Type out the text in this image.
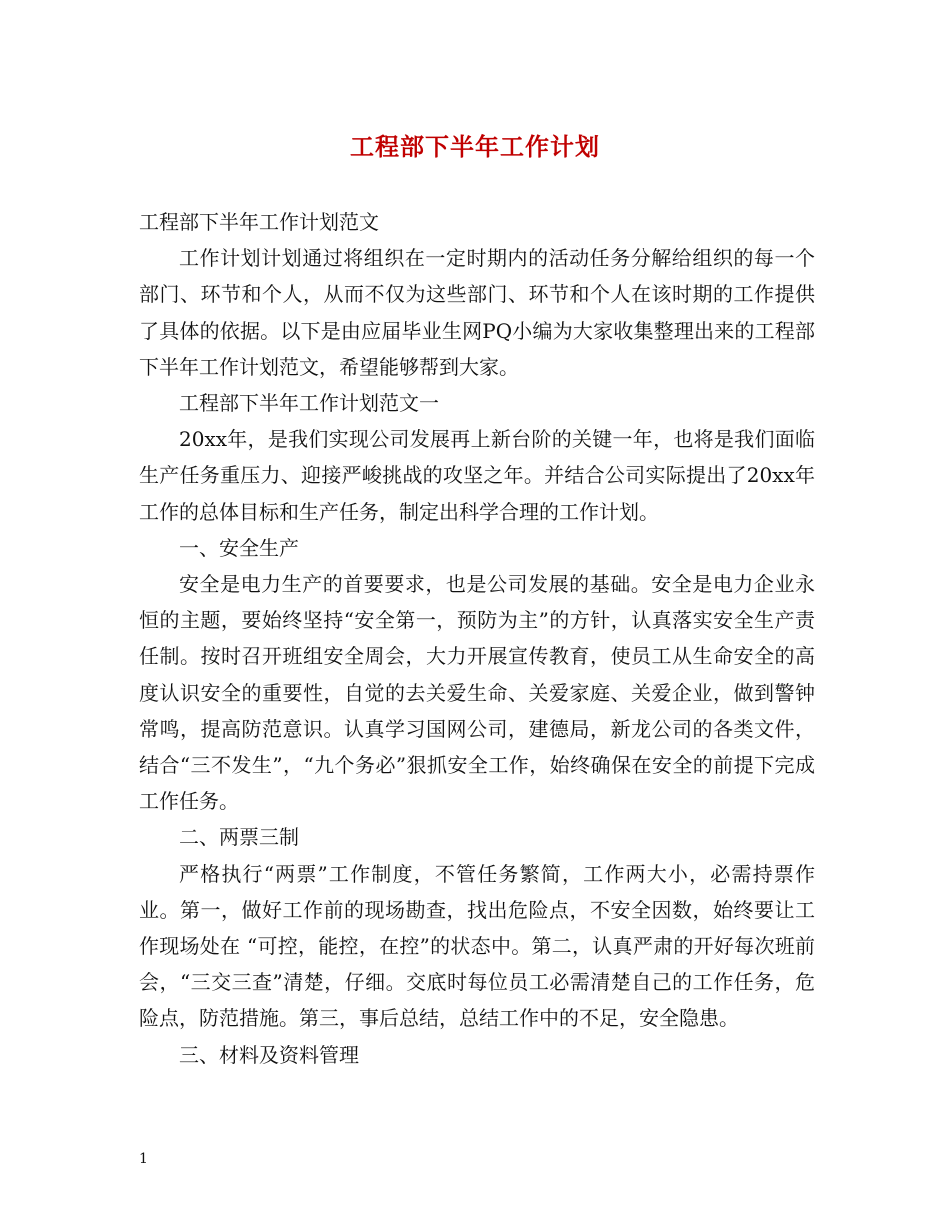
工程部下半年工作计划

工程部下半年工作计划范文

工作计划计划通过将组织在一定时期内的活动任务分解给组织的每一个部门、环节和个人，从而不仅为这些部门、环节和个人在该时期的工作提供了具体的依据。以下是由应届毕业生网PQ小编为大家收集整理出来的工程部下半年工作计划范文，希望能够帮到大家。

工程部下半年工作计划范文一

20xx年，是我们实现公司发展再上新台阶的关键一年，也将是我们面临生产任务重压力、迎接严峻挑战的攻坚之年。并结合公司实际提出了20xx年工作的总体目标和生产任务，制定出科学合理的工作计划。

一、安全生产

安全是电力生产的首要要求，也是公司发展的基础。安全是电力企业永恒的主题，要始终坚持“安全第一，预防为主”的方针，认真落实安全生产责任制。按时召开班组安全周会，大力开展宣传教育，使员工从生命安全的高度认识安全的重要性，自觉的去关爱生命、关爱家庭、关爱企业，做到警钟常鸣，提高防范意识。认真学习国网公司，建德局，新龙公司的各类文件，结合“三不发生”，“九个务必”狠抓安全工作，始终确保在安全的前提下完成工作任务。

二、两票三制

严格执行“两票”工作制度，不管任务繁简，工作两大小，必需持票作业。第一，做好工作前的现场勘查，找出危险点，不安全因数，始终要让工作现场处在 “可控，能控，在控”的状态中。第二，认真严肃的开好每次班前会，“三交三查”清楚，仔细。交底时每位员工必需清楚自己的工作任务，危险点，防范措施。第三，事后总结，总结工作中的不足，安全隐患。

三、材料及资料管理

1
